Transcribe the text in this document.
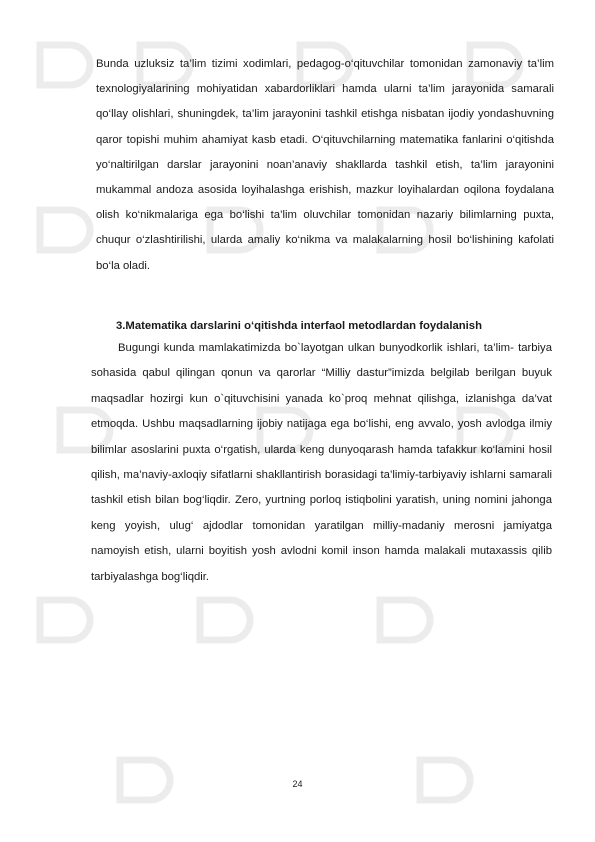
Bunda uzluksiz ta’lim tizimi xodimlari, pedagog-o‘qituvchilar tomonidan zamonaviy ta’lim texnologiyalarining mohiyatidan xabardorliklari hamda ularni ta’lim jarayonida samarali qo‘llay olishlari, shuningdek, ta’lim jarayonini tashkil etishga nisbatan ijodiy yondashuvning qaror topishi muhim ahamiyat kasb etadi. O‘qituvchilarning matematika fanlarini o‘qitishda yo‘naltirilgan darslar jarayonini noan’anaviy shakllarda tashkil etish, ta’lim jarayonini mukammal andoza asosida loyihalashga erishish, mazkur loyihalardan oqilona foydalana olish ko‘nikmalariga ega bo‘lishi ta’lim oluvchilar tomonidan nazariy bilimlarning puxta, chuqur o‘zlashtirilishi, ularda amaliy ko‘nikma va malakalarning hosil bo‘lishining kafolati bo‘la oladi.
3.Matematika darslarini o‘qitishda interfaol metodlardan foydalanish
Bugungi kunda mamlakatimizda bo`layotgan ulkan bunyodkorlik ishlari, ta’lim- tarbiya sohasida qabul qilingan qonun va qarorlar “Milliy dastur”imizda belgilab berilgan buyuk maqsadlar hozirgi kun o`qituvchisini yanada ko`proq mehnat qilishga, izlanishga da’vat etmoqda. Ushbu maqsadlarning ijobiy natijaga ega bo‘lishi, eng avvalo, yosh avlodga ilmiy bilimlar asoslarini puxta o‘rgatish, ularda keng dunyoqarash hamda tafakkur ko‘lamini hosil qilish, ma’naviy-axloqiy sifatlarni shakllantirish borasidagi ta’limiy-tarbiyaviy ishlarni samarali tashkil etish bilan bog‘liqdir. Zero, yurtning porloq istiqbolini yaratish, uning nomini jahonga keng yoyish, ulug‘ ajdodlar tomonidan yaratilgan milliy-madaniy merosni jamiyatga namoyish etish, ularni boyitish yosh avlodni komil inson hamda malakali mutaxassis qilib tarbiyalashga bog‘liqdir.
24
